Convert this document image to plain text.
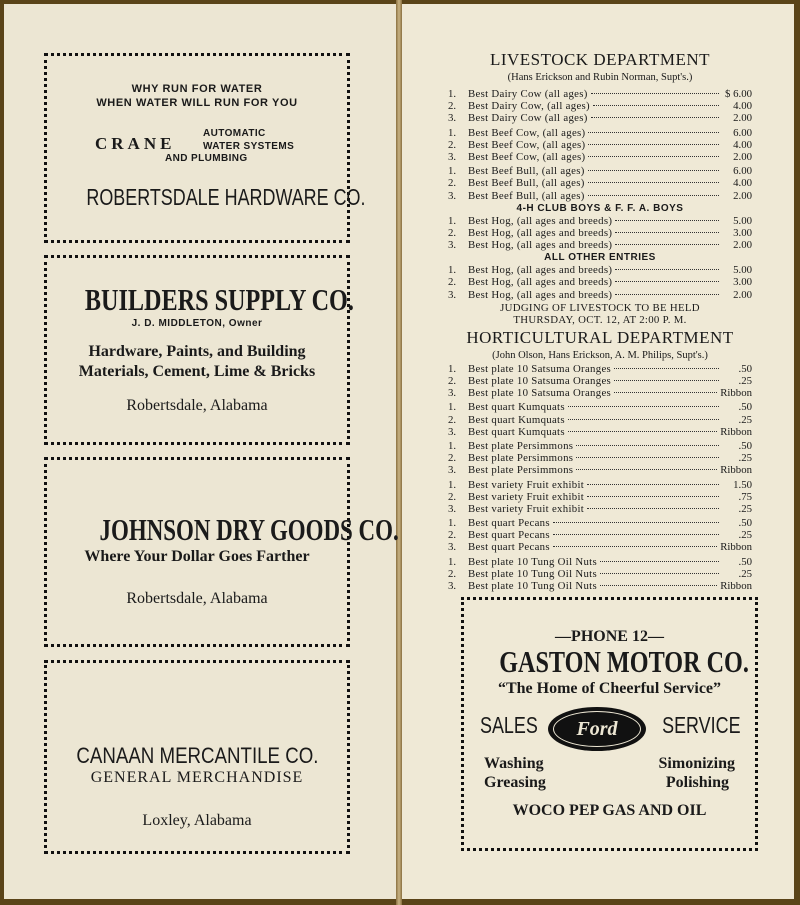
WHY RUN FOR WATER
WHEN WATER WILL RUN FOR YOU
CRANE
AUTOMATIC
WATER SYSTEMS
AND PLUMBING
ROBERTSDALE HARDWARE CO.
BUILDERS SUPPLY CO.
J. D. MIDDLETON, Owner
Hardware, Paints, and Building
Materials, Cement, Lime & Bricks
Robertsdale, Alabama
JOHNSON DRY GOODS CO.
Where Your Dollar Goes Farther
Robertsdale, Alabama
CANAAN MERCANTILE CO.
GENERAL MERCHANDISE
Loxley, Alabama
LIVESTOCK DEPARTMENT
(Hans Erickson and Rubin Norman, Supt's.)
1.	Best Dairy Cow (all ages)	$ 6.00
2.	Best Dairy Cow, (all ages)	4.00
3.	Best Dairy Cow (all ages)	2.00
1.	Best Beef Cow, (all ages)	6.00
2.	Best Beef Cow, (all ages)	4.00
3.	Best Beef Cow, (all ages)	2.00
1.	Best Beef Bull, (all ages)	6.00
2.	Best Beef Bull, (all ages)	4.00
3.	Best Beef Bull, (all ages)	2.00
4-H CLUB BOYS & F. F. A. BOYS
1.	Best Hog, (all ages and breeds)	5.00
2.	Best Hog, (all ages and breeds)	3.00
3.	Best Hog, (all ages and breeds)	2.00
ALL OTHER ENTRIES
1.	Best Hog, (all ages and breeds)	5.00
2.	Best Hog, (all ages and breeds)	3.00
3.	Best Hog, (all ages and breeds)	2.00
JUDGING OF LIVESTOCK TO BE HELD
THURSDAY, OCT. 12, AT 2:00 P. M.
HORTICULTURAL DEPARTMENT
(John Olson, Hans Erickson, A. M. Philips, Supt's.)
1.	Best plate 10 Satsuma Oranges	.50
2.	Best plate 10 Satsuma Oranges	.25
3.	Best plate 10 Satsuma Oranges	Ribbon
1.	Best quart Kumquats	.50
2.	Best quart Kumquats	.25
3.	Best quart Kumquats	Ribbon
1.	Best plate Persimmons	.50
2.	Best plate Persimmons	.25
3.	Best plate Persimmons	Ribbon
1.	Best variety Fruit exhibit	1.50
2.	Best variety Fruit exhibit	.75
3.	Best variety Fruit exhibit	.25
1.	Best quart Pecans	.50
2.	Best quart Pecans	.25
3.	Best quart Pecans	Ribbon
1.	Best plate 10 Tung Oil Nuts	.50
2.	Best plate 10 Tung Oil Nuts	.25
3.	Best plate 10 Tung Oil Nuts	Ribbon
—PHONE 12—
GASTON MOTOR CO.
“The Home of Cheerful Service”
SALES	Ford	SERVICE
Washing
Greasing
Simonizing
Polishing
WOCO PEP GAS AND OIL
